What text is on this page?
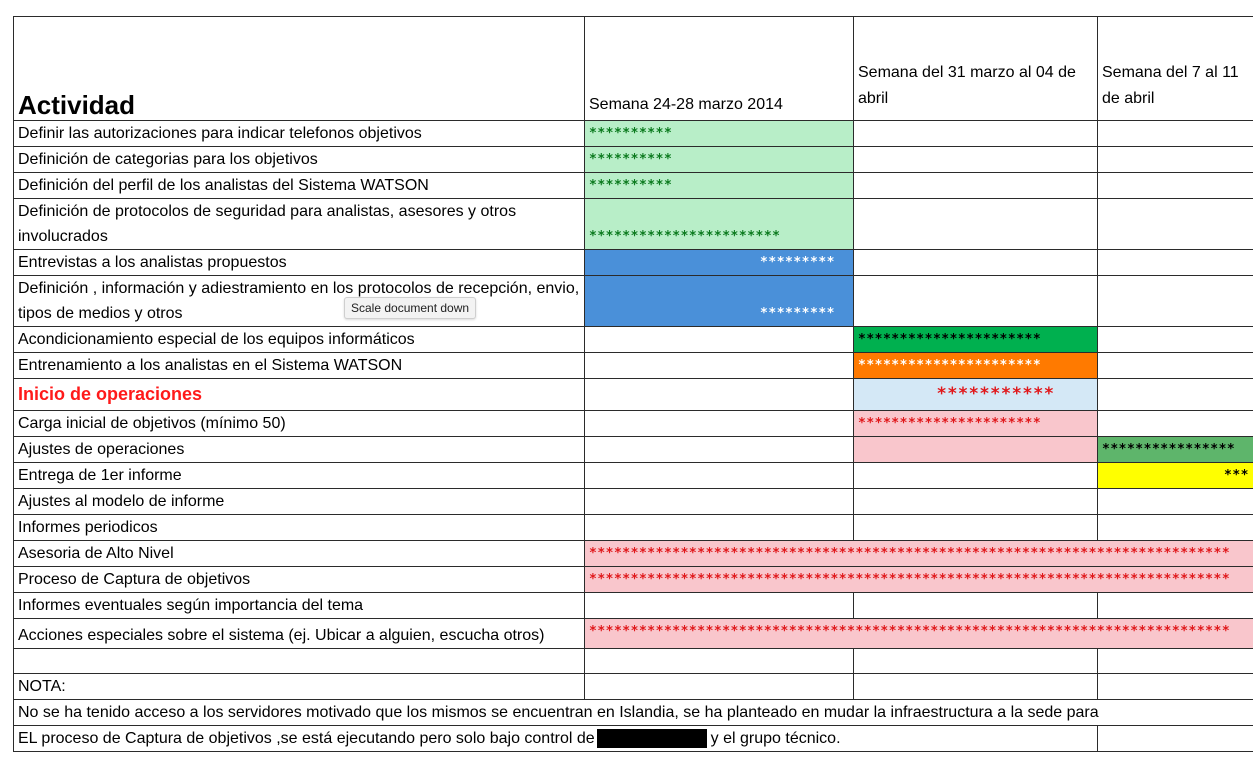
Actividad	Semana 24-28 marzo 2014	Semana del 31 marzo al 04 de abril	Semana del 7 al 11 de abril
Definir las autorizaciones para indicar telefonos objetivos	**********		

Definición de categorias para los objetivos	**********		

Definición del perfil de los analistas del Sistema WATSON	**********		

Definición de protocolos de seguridad para analistas, asesores y otros involucrados	***********************		

Entrevistas a los analistas propuestos	*********		

Definición , información y adiestramiento en los protocolos de recepción, envio, tipos de medios y otros	*********		

Acondicionamiento especial de los equipos informáticos		**********************	

Entrenamiento a los analistas en el Sistema WATSON		**********************	

Inicio de operaciones		***********	

Carga inicial de objetivos (mínimo 50)		**********************	

Ajustes de operaciones			****************

Entrega de 1er informe			***

Ajustes al modelo de informe			
Informes periodicos			
Asesoria de Alto Nivel	*****************************************************************************		

Proceso de Captura de objetivos	*****************************************************************************		

Informes eventuales según importancia del tema			
Acciones especiales sobre el sistema (ej. Ubicar a alguien, escucha otros)	*****************************************************************************		

NOTA:			
No se ha tenido acceso a los servidores motivado que los mismos se encuentran en Islandia, se ha planteado en mudar la infraestructura a la sede para			
EL proceso de Captura de objetivos ,se está ejecutando pero solo bajo control de y el grupo técnico.			
Scale document down
